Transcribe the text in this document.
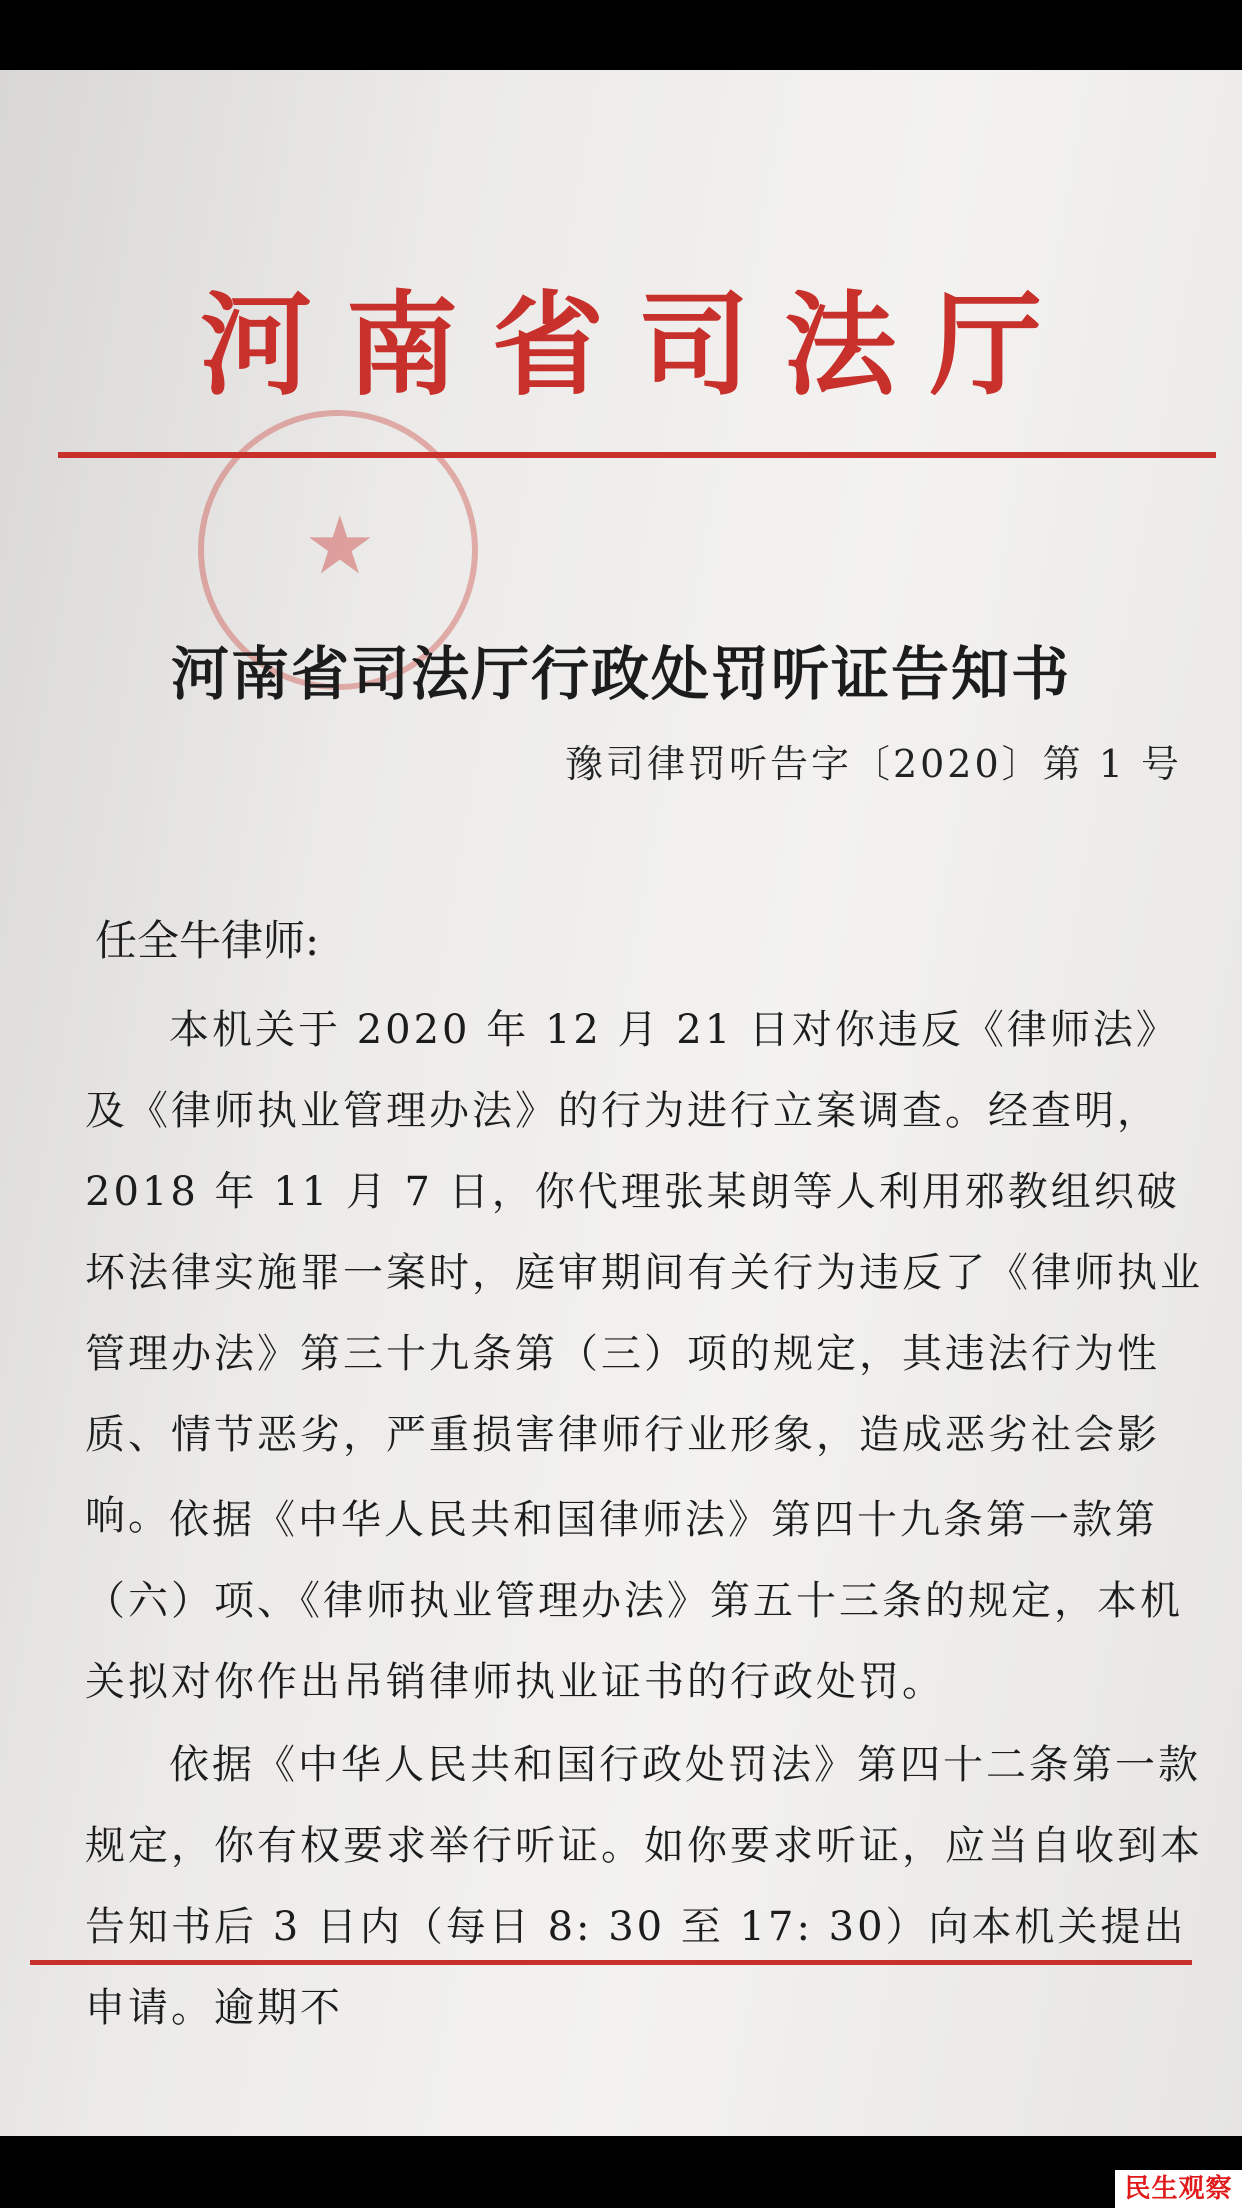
★
河南省司法厅
河南省司法厅行政处罚听证告知书
豫司律罚听告字〔2020〕第 1 号
任全牛律师:

本机关于 2020 年 12 月 21 日对你违反《律师法》及《律师执业管理办法》的行为进行立案调查。经查明，2018 年 11 月 7 日，你代理张某朗等人利用邪教组织破坏法律实施罪一案时，庭审期间有关行为违反了《律师执业管理办法》第三十九条第（三）项的规定，其违法行为性质、情节恶劣，严重损害律师行业形象，造成恶劣社会影响。

依据《中华人民共和国律师法》第四十九条第一款第（六）项、《律师执业管理办法》第五十三条的规定，本机关拟对你作出吊销律师执业证书的行政处罚。

依据《中华人民共和国行政处罚法》第四十二条第一款规定，你有权要求举行听证。如你要求听证，应当自收到本告知书后 3 日内（每日 8: 30 至 17: 30）向本机关提出申请。逾期不

民生观察
